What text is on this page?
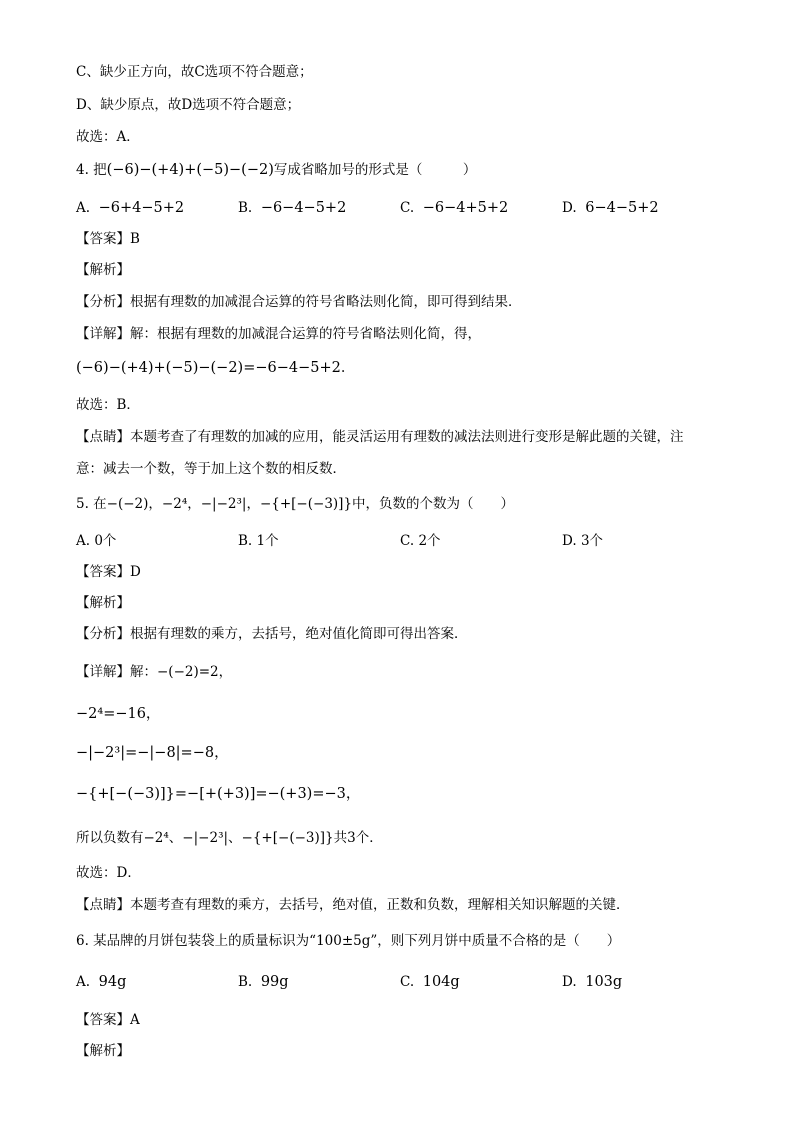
C、缺少正方向，故C选项不符合题意；
D、缺少原点，故D选项不符合题意；
故选：A．
4. 把(−6)−(+4)+(−5)−(−2)写成省略加号的形式是（　　　）
A. −6+4−5+2	B. −6−4−5+2	C. −6−4+5+2	D. 6−4−5+2
【答案】B
【解析】
【分析】根据有理数的加减混合运算的符号省略法则化简，即可得到结果．
【详解】解：根据有理数的加减混合运算的符号省略法则化简，得，
(−6)−(+4)+(−5)−(−2)=−6−4−5+2．
故选：B．
【点睛】本题考查了有理数的加减的应用，能灵活运用有理数的减法法则进行变形是解此题的关键，注
意：减去一个数，等于加上这个数的相反数．
5. 在−(−2)，−2⁴，−|−2³|，−{+[−(−3)]}中，负数的个数为（　　）
A. 0个	B. 1个	C. 2个	D. 3个
【答案】D
【解析】
【分析】根据有理数的乘方，去括号，绝对值化简即可得出答案．
【详解】解：−(−2)=2，
−2⁴=−16，
−|−2³|=−|−8|=−8，
−{+[−(−3)]}=−[+(+3)]=−(+3)=−3，
所以负数有−2⁴、−|−2³|、−{+[−(−3)]}共3个．
故选：D．
【点睛】本题考查有理数的乘方，去括号，绝对值，正数和负数，理解相关知识解题的关键．
6. 某品牌的月饼包装袋上的质量标识为“100±5g”，则下列月饼中质量不合格的是（　　）
A. 94g	B. 99g	C. 104g	D. 103g
【答案】A
【解析】
